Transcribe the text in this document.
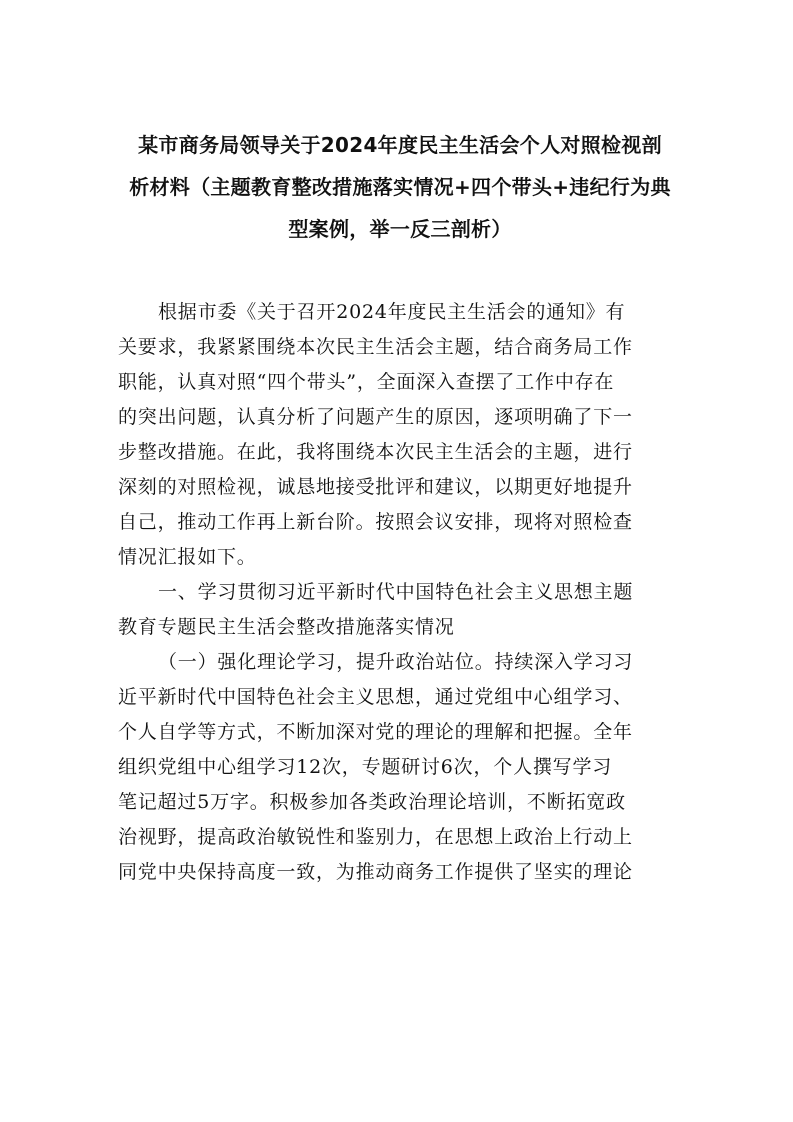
某市商务局领导关于2024年度民主生活会个人对照检视剖
析材料（主题教育整改措施落实情况+四个带头+违纪行为典
型案例，举一反三剖析）

根据市委《关于召开2024年度民主生活会的通知》有
关要求，我紧紧围绕本次民主生活会主题，结合商务局工作
职能，认真对照“四个带头”，全面深入查摆了工作中存在
的突出问题，认真分析了问题产生的原因，逐项明确了下一
步整改措施。在此，我将围绕本次民主生活会的主题，进行
深刻的对照检视，诚恳地接受批评和建议，以期更好地提升
自己，推动工作再上新台阶。按照会议安排，现将对照检查
情况汇报如下。

一、学习贯彻习近平新时代中国特色社会主义思想主题
教育专题民主生活会整改措施落实情况

（一）强化理论学习，提升政治站位。持续深入学习习
近平新时代中国特色社会主义思想，通过党组中心组学习、
个人自学等方式，不断加深对党的理论的理解和把握。全年
组织党组中心组学习12次，专题研讨6次，个人撰写学习
笔记超过5万字。积极参加各类政治理论培训，不断拓宽政
治视野，提高政治敏锐性和鉴别力，在思想上政治上行动上
同党中央保持高度一致，为推动商务工作提供了坚实的理论
